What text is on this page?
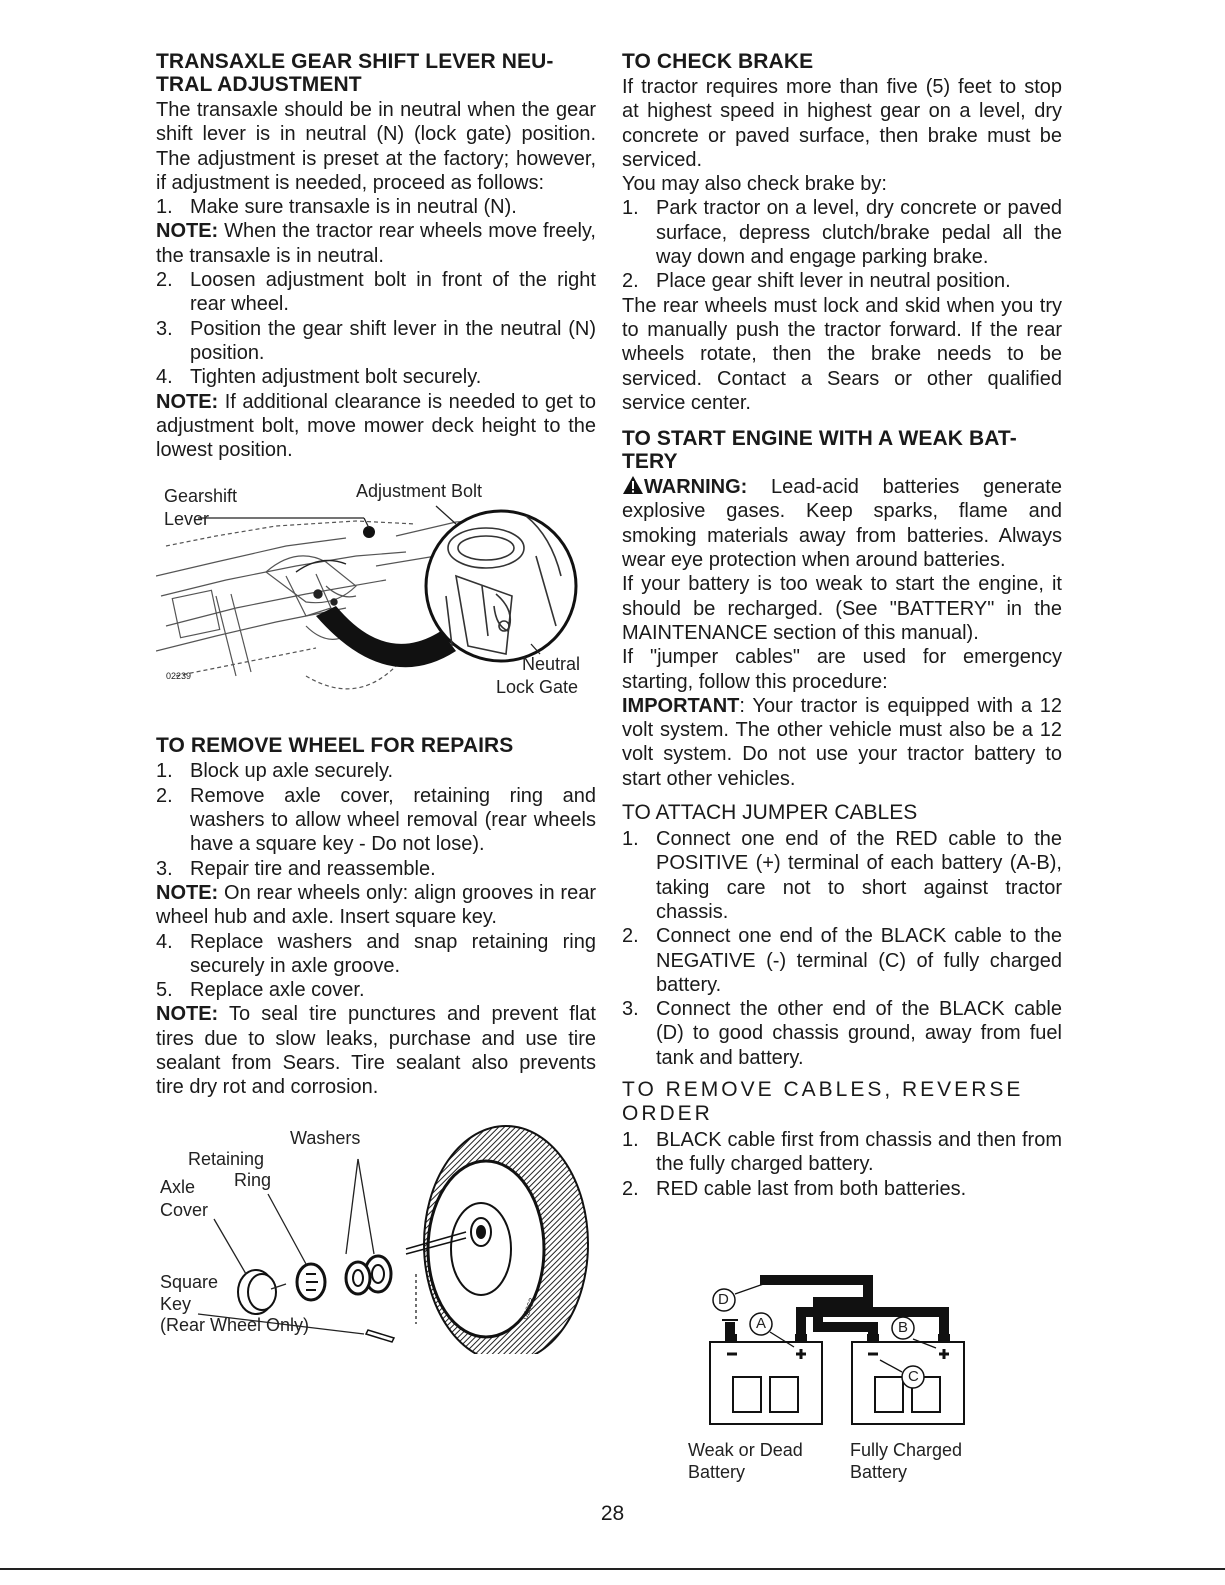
TRANSAXLE GEAR SHIFT LEVER NEU-TRAL ADJUSTMENT

The transaxle should be in neutral when the gear shift lever is in neutral (N) (lock gate) position. The adjustment is preset at the factory; however, if adjustment is needed, proceed as follows:

1. Make sure transaxle is in neutral (N).

NOTE: When the tractor rear wheels move freely, the transaxle is in neutral.

2. Loosen adjustment bolt in front of the right rear wheel.

3. Position the gear shift lever in the neutral (N) position.

4. Tighten adjustment bolt securely.

NOTE: If additional clearance is needed to get to adjustment bolt, move mower deck height to the lowest position.

Gearshift
Lever
Adjustment Bolt
Neutral
Lock Gate
02239
TO REMOVE WHEEL FOR REPAIRS

1. Block up axle securely.

2. Remove axle cover, retaining ring and washers to allow wheel removal (rear wheels have a square key - Do not lose).

3. Repair tire and reassemble.

NOTE: On rear wheels only: align grooves in rear wheel hub and axle. Insert square key.

4. Replace washers and snap retaining ring securely in axle groove.

5. Replace axle cover.

NOTE: To seal tire punctures and prevent flat tires due to slow leaks, purchase and use tire sealant from Sears. Tire sealant also prevents tire dry rot and corrosion.

Washers
Retaining
Ring
Axle
Cover
Square
Key
(Rear Wheel Only)
02863
TO CHECK BRAKE

If tractor requires more than five (5) feet to stop at highest speed in highest gear on a level, dry concrete or paved surface, then brake must be serviced.

You may also check brake by:

1. Park tractor on a level, dry concrete or paved surface, depress clutch/brake pedal all the way down and engage parking brake.

2. Place gear shift lever in neutral position.

The rear wheels must lock and skid when you try to manually push the tractor forward. If the rear wheels rotate, then the brake needs to be serviced. Contact a Sears or other qualified service center.

TO START ENGINE WITH A WEAK BAT-TERY

WARNING: Lead-acid batteries generate explosive gases. Keep sparks, flame and smoking materials away from batteries. Always wear eye protection when around batteries.

If your battery is too weak to start the engine, it should be recharged. (See "BATTERY" in the MAINTENANCE section of this manual).

If "jumper cables" are used for emergency starting, follow this procedure:

IMPORTANT: Your tractor is equipped with a 12 volt system. The other vehicle must also be a 12 volt system. Do not use your tractor battery to start other vehicles.

TO ATTACH JUMPER CABLES

1. Connect one end of the RED cable to the POSITIVE (+) terminal of each battery (A-B), taking care not to short against tractor chassis.

2. Connect one end of the BLACK cable to the NEGATIVE (-) terminal (C) of fully charged battery.

3. Connect the other end of the BLACK cable (D) to good chassis ground, away from fuel tank and battery.

TO REMOVE CABLES, REVERSE ORDER

1. BLACK cable first from chassis and then from the fully charged battery.

2. RED cable last from both batteries.

D
A	B
C
Weak or Dead
Battery
Fully Charged
Battery
28
